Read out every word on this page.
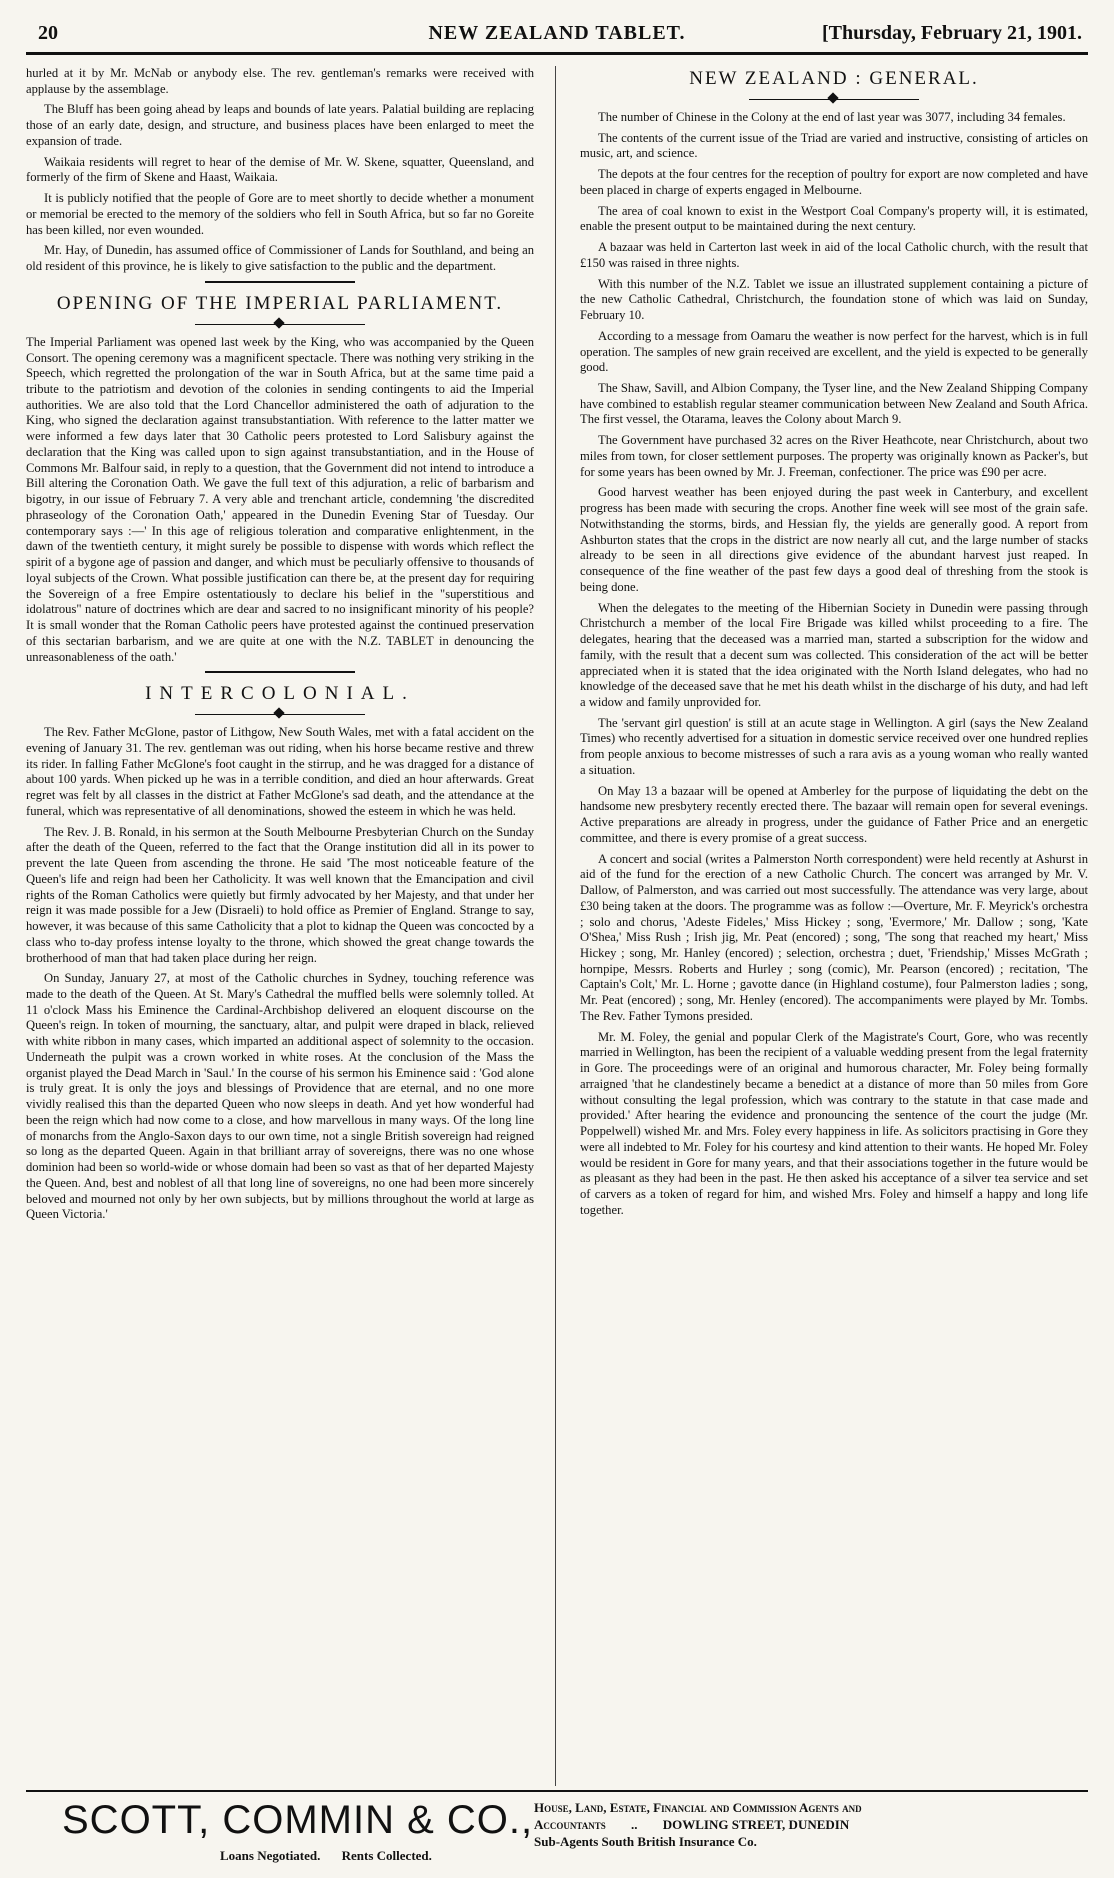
20	NEW ZEALAND TABLET.	[Thursday, February 21, 1901.

hurled at it by Mr. McNab or anybody else. The rev. gentleman's remarks were received with applause by the assemblage.

The Bluff has been going ahead by leaps and bounds of late years. Palatial building are replacing those of an early date, design, and structure, and business places have been enlarged to meet the expansion of trade.

Waikaia residents will regret to hear of the demise of Mr. W. Skene, squatter, Queensland, and formerly of the firm of Skene and Haast, Waikaia.

It is publicly notified that the people of Gore are to meet shortly to decide whether a monument or memorial be erected to the memory of the soldiers who fell in South Africa, but so far no Goreite has been killed, nor even wounded.

Mr. Hay, of Dunedin, has assumed office of Commissioner of Lands for Southland, and being an old resident of this province, he is likely to give satisfaction to the public and the department.

OPENING OF THE IMPERIAL PARLIAMENT.

The Imperial Parliament was opened last week by the King, who was accompanied by the Queen Consort. The opening ceremony was a magnificent spectacle. There was nothing very striking in the Speech, which regretted the prolongation of the war in South Africa, but at the same time paid a tribute to the patriotism and devotion of the colonies in sending contingents to aid the Imperial authorities. We are also told that the Lord Chancellor administered the oath of adjuration to the King, who signed the declaration against transubstantiation. With reference to the latter matter we were informed a few days later that 30 Catholic peers protested to Lord Salisbury against the declaration that the King was called upon to sign against transubstantiation, and in the House of Commons Mr. Balfour said, in reply to a question, that the Government did not intend to introduce a Bill altering the Coronation Oath. We gave the full text of this adjuration, a relic of barbarism and bigotry, in our issue of February 7. A very able and trenchant article, condemning 'the discredited phraseology of the Coronation Oath,' appeared in the Dunedin Evening Star of Tuesday. Our contemporary says :—' In this age of religious toleration and comparative enlightenment, in the dawn of the twentieth century, it might surely be possible to dispense with words which reflect the spirit of a bygone age of passion and danger, and which must be peculiarly offensive to thousands of loyal subjects of the Crown. What possible justification can there be, at the present day for requiring the Sovereign of a free Empire ostentatiously to declare his belief in the "superstitious and idolatrous" nature of doctrines which are dear and sacred to no insignificant minority of his people? It is small wonder that the Roman Catholic peers have protested against the continued preservation of this sectarian barbarism, and we are quite at one with the N.Z. TABLET in denouncing the unreasonableness of the oath.'

INTERCOLONIAL.

The Rev. Father McGlone, pastor of Lithgow, New South Wales, met with a fatal accident on the evening of January 31. The rev. gentleman was out riding, when his horse became restive and threw its rider. In falling Father McGlone's foot caught in the stirrup, and he was dragged for a distance of about 100 yards. When picked up he was in a terrible condition, and died an hour afterwards. Great regret was felt by all classes in the district at Father McGlone's sad death, and the attendance at the funeral, which was representative of all denominations, showed the esteem in which he was held.

The Rev. J. B. Ronald, in his sermon at the South Melbourne Presbyterian Church on the Sunday after the death of the Queen, referred to the fact that the Orange institution did all in its power to prevent the late Queen from ascending the throne. He said 'The most noticeable feature of the Queen's life and reign had been her Catholicity. It was well known that the Emancipation and civil rights of the Roman Catholics were quietly but firmly advocated by her Majesty, and that under her reign it was made possible for a Jew (Disraeli) to hold office as Premier of England. Strange to say, however, it was because of this same Catholicity that a plot to kidnap the Queen was concocted by a class who to-day profess intense loyalty to the throne, which showed the great change towards the brotherhood of man that had taken place during her reign.

On Sunday, January 27, at most of the Catholic churches in Sydney, touching reference was made to the death of the Queen. At St. Mary's Cathedral the muffled bells were solemnly tolled. At 11 o'clock Mass his Eminence the Cardinal-Archbishop delivered an eloquent discourse on the Queen's reign. In token of mourning, the sanctuary, altar, and pulpit were draped in black, relieved with white ribbon in many cases, which imparted an additional aspect of solemnity to the occasion. Underneath the pulpit was a crown worked in white roses. At the conclusion of the Mass the organist played the Dead March in 'Saul.' In the course of his sermon his Eminence said : 'God alone is truly great. It is only the joys and blessings of Providence that are eternal, and no one more vividly realised this than the departed Queen who now sleeps in death. And yet how wonderful had been the reign which had now come to a close, and how marvellous in many ways. Of the long line of monarchs from the Anglo-Saxon days to our own time, not a single British sovereign had reigned so long as the departed Queen. Again in that brilliant array of sovereigns, there was no one whose dominion had been so world-wide or whose domain had been so vast as that of her departed Majesty the Queen. And, best and noblest of all that long line of sovereigns, no one had been more sincerely beloved and mourned not only by her own subjects, but by millions throughout the world at large as Queen Victoria.'

NEW ZEALAND : GENERAL.

The number of Chinese in the Colony at the end of last year was 3077, including 34 females.

The contents of the current issue of the Triad are varied and instructive, consisting of articles on music, art, and science.

The depots at the four centres for the reception of poultry for export are now completed and have been placed in charge of experts engaged in Melbourne.

The area of coal known to exist in the Westport Coal Company's property will, it is estimated, enable the present output to be maintained during the next century.

A bazaar was held in Carterton last week in aid of the local Catholic church, with the result that £150 was raised in three nights.

With this number of the N.Z. Tablet we issue an illustrated supplement containing a picture of the new Catholic Cathedral, Christchurch, the foundation stone of which was laid on Sunday, February 10.

According to a message from Oamaru the weather is now perfect for the harvest, which is in full operation. The samples of new grain received are excellent, and the yield is expected to be generally good.

The Shaw, Savill, and Albion Company, the Tyser line, and the New Zealand Shipping Company have combined to establish regular steamer communication between New Zealand and South Africa. The first vessel, the Otarama, leaves the Colony about March 9.

The Government have purchased 32 acres on the River Heathcote, near Christchurch, about two miles from town, for closer settlement purposes. The property was originally known as Packer's, but for some years has been owned by Mr. J. Freeman, confectioner. The price was £90 per acre.

Good harvest weather has been enjoyed during the past week in Canterbury, and excellent progress has been made with securing the crops. Another fine week will see most of the grain safe. Notwithstanding the storms, birds, and Hessian fly, the yields are generally good. A report from Ashburton states that the crops in the district are now nearly all cut, and the large number of stacks already to be seen in all directions give evidence of the abundant harvest just reaped. In consequence of the fine weather of the past few days a good deal of threshing from the stook is being done.

When the delegates to the meeting of the Hibernian Society in Dunedin were passing through Christchurch a member of the local Fire Brigade was killed whilst proceeding to a fire. The delegates, hearing that the deceased was a married man, started a subscription for the widow and family, with the result that a decent sum was collected. This consideration of the act will be better appreciated when it is stated that the idea originated with the North Island delegates, who had no knowledge of the deceased save that he met his death whilst in the discharge of his duty, and had left a widow and family unprovided for.

The 'servant girl question' is still at an acute stage in Wellington. A girl (says the New Zealand Times) who recently advertised for a situation in domestic service received over one hundred replies from people anxious to become mistresses of such a rara avis as a young woman who really wanted a situation.

On May 13 a bazaar will be opened at Amberley for the purpose of liquidating the debt on the handsome new presbytery recently erected there. The bazaar will remain open for several evenings. Active preparations are already in progress, under the guidance of Father Price and an energetic committee, and there is every promise of a great success.

A concert and social (writes a Palmerston North correspondent) were held recently at Ashurst in aid of the fund for the erection of a new Catholic Church. The concert was arranged by Mr. V. Dallow, of Palmerston, and was carried out most successfully. The attendance was very large, about £30 being taken at the doors. The programme was as follow :—Overture, Mr. F. Meyrick's orchestra ; solo and chorus, 'Adeste Fideles,' Miss Hickey ; song, 'Evermore,' Mr. Dallow ; song, 'Kate O'Shea,' Miss Rush ; Irish jig, Mr. Peat (encored) ; song, 'The song that reached my heart,' Miss Hickey ; song, Mr. Hanley (encored) ; selection, orchestra ; duet, 'Friendship,' Misses McGrath ; hornpipe, Messrs. Roberts and Hurley ; song (comic), Mr. Pearson (encored) ; recitation, 'The Captain's Colt,' Mr. L. Horne ; gavotte dance (in Highland costume), four Palmerston ladies ; song, Mr. Peat (encored) ; song, Mr. Henley (encored). The accompaniments were played by Mr. Tombs. The Rev. Father Tymons presided.

Mr. M. Foley, the genial and popular Clerk of the Magistrate's Court, Gore, who was recently married in Wellington, has been the recipient of a valuable wedding present from the legal fraternity in Gore. The proceedings were of an original and humorous character, Mr. Foley being formally arraigned 'that he clandestinely became a benedict at a distance of more than 50 miles from Gore without consulting the legal profession, which was contrary to the statute in that case made and provided.' After hearing the evidence and pronouncing the sentence of the court the judge (Mr. Poppelwell) wished Mr. and Mrs. Foley every happiness in life. As solicitors practising in Gore they were all indebted to Mr. Foley for his courtesy and kind attention to their wants. He hoped Mr. Foley would be resident in Gore for many years, and that their associations together in the future would be as pleasant as they had been in the past. He then asked his acceptance of a silver tea service and set of carvers as a token of regard for him, and wished Mrs. Foley and himself a happy and long life together.

SCOTT, COMMIN & CO.,
Loans Negotiated. Rents Collected.
House, Land, Estate, Financial and Commission Agents and
Accountants .. DOWLING STREET, DUNEDIN
Sub-Agents South British Insurance Co.
